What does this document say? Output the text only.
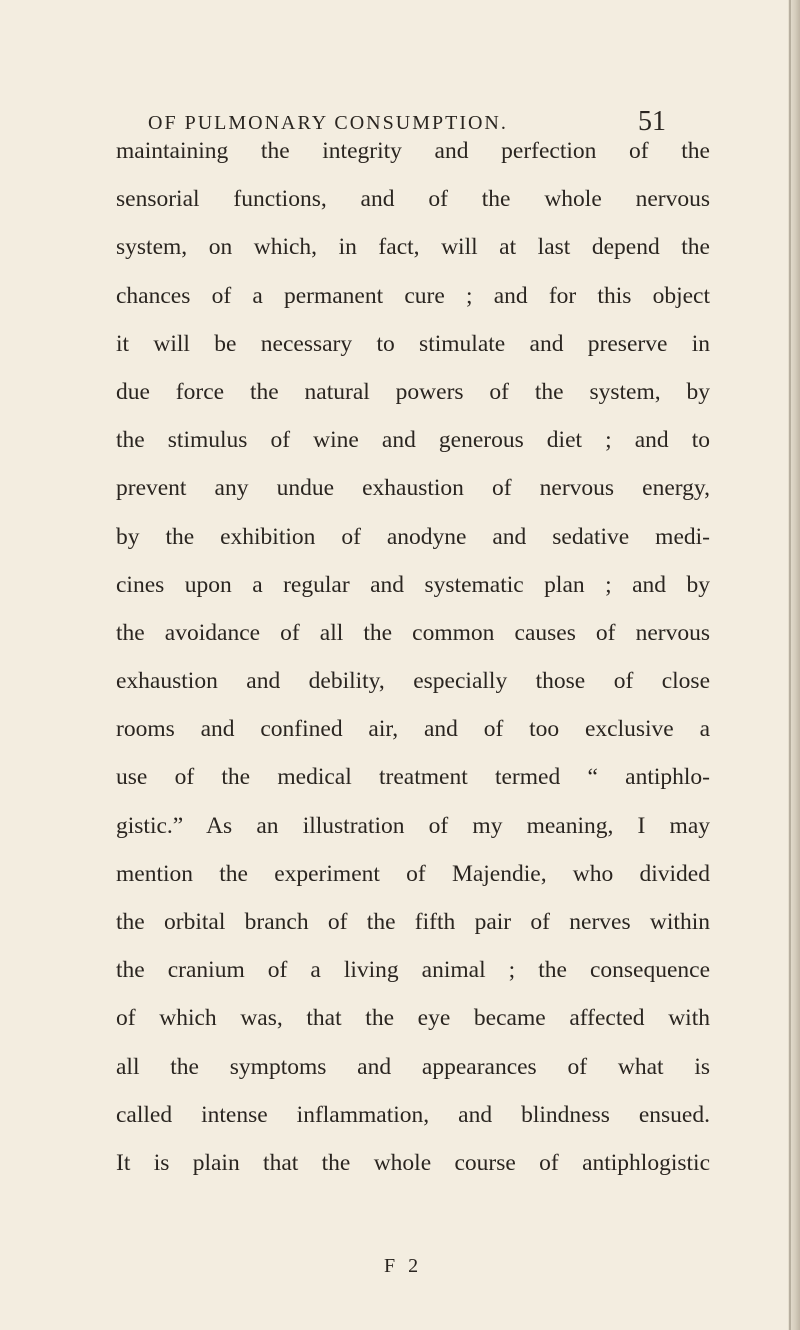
OF PULMONARY CONSUMPTION.	51
maintaining the integrity and perfection of the
sensorial functions, and of the whole nervous
system, on which, in fact, will at last depend the
chances of a permanent cure ; and for this object
it will be necessary to stimulate and preserve in
due force the natural powers of the system, by
the stimulus of wine and generous diet ; and to
prevent any undue exhaustion of nervous energy,
by the exhibition of anodyne and sedative medi-
cines upon a regular and systematic plan ; and by
the avoidance of all the common causes of nervous
exhaustion and debility, especially those of close
rooms and confined air, and of too exclusive a
use of the medical treatment termed “ antiphlo-
gistic.” As an illustration of my meaning, I may
mention the experiment of Majendie, who divided
the orbital branch of the fifth pair of nerves within
the cranium of a living animal ; the consequence
of which was, that the eye became affected with
all the symptoms and appearances of what is
called intense inflammation, and blindness ensued.
It is plain that the whole course of antiphlogistic
F 2
